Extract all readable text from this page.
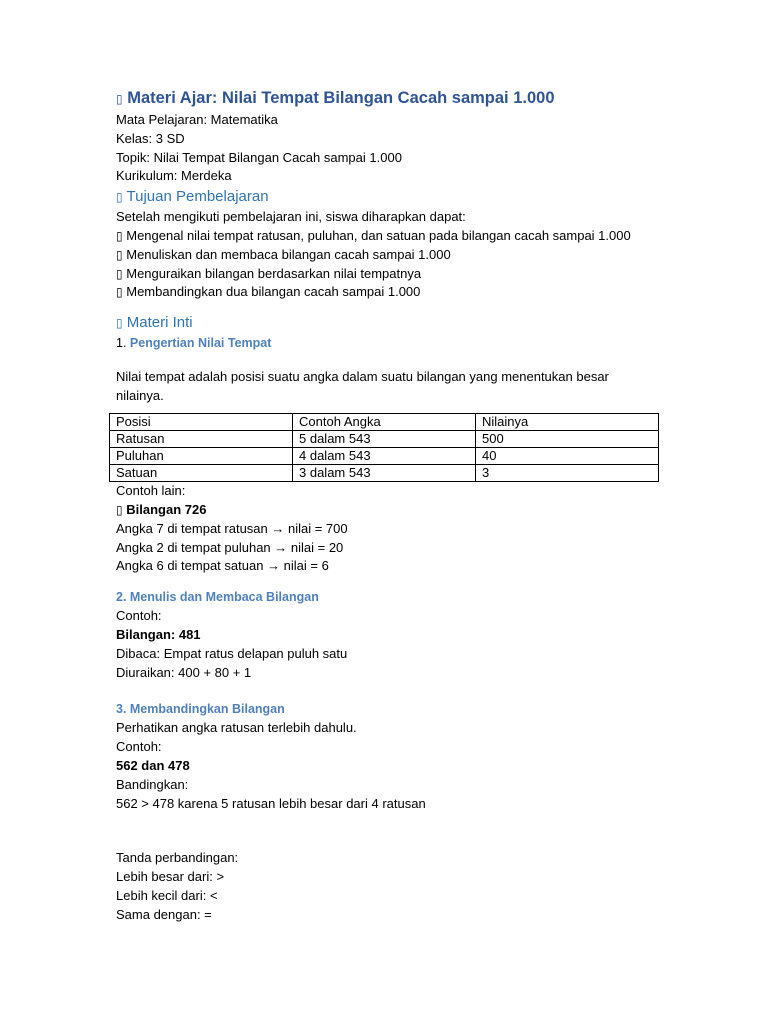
▯ Materi Ajar: Nilai Tempat Bilangan Cacah sampai 1.000
Mata Pelajaran: Matematika
Kelas: 3 SD
Topik: Nilai Tempat Bilangan Cacah sampai 1.000
Kurikulum: Merdeka
▯ Tujuan Pembelajaran
Setelah mengikuti pembelajaran ini, siswa diharapkan dapat:
▯ Mengenal nilai tempat ratusan, puluhan, dan satuan pada bilangan cacah sampai 1.000
▯ Menuliskan dan membaca bilangan cacah sampai 1.000
▯ Menguraikan bilangan berdasarkan nilai tempatnya
▯ Membandingkan dua bilangan cacah sampai 1.000
▯ Materi Inti
1. Pengertian Nilai Tempat
Nilai tempat adalah posisi suatu angka dalam suatu bilangan yang menentukan besar nilainya.
Posisi	Contoh Angka	Nilainya
Ratusan	5 dalam 543	500
Puluhan	4 dalam 543	40
Satuan	3 dalam 543	3
Contoh lain:
▯ Bilangan 726
Angka 7 di tempat ratusan → nilai = 700
Angka 2 di tempat puluhan → nilai = 20
Angka 6 di tempat satuan → nilai = 6
2. Menulis dan Membaca Bilangan
Contoh:
Bilangan: 481
Dibaca: Empat ratus delapan puluh satu
Diuraikan: 400 + 80 + 1
3. Membandingkan Bilangan
Perhatikan angka ratusan terlebih dahulu.
Contoh:
562 dan 478
Bandingkan:
562 > 478 karena 5 ratusan lebih besar dari 4 ratusan
Tanda perbandingan:
Lebih besar dari: >
Lebih kecil dari: <
Sama dengan: =
